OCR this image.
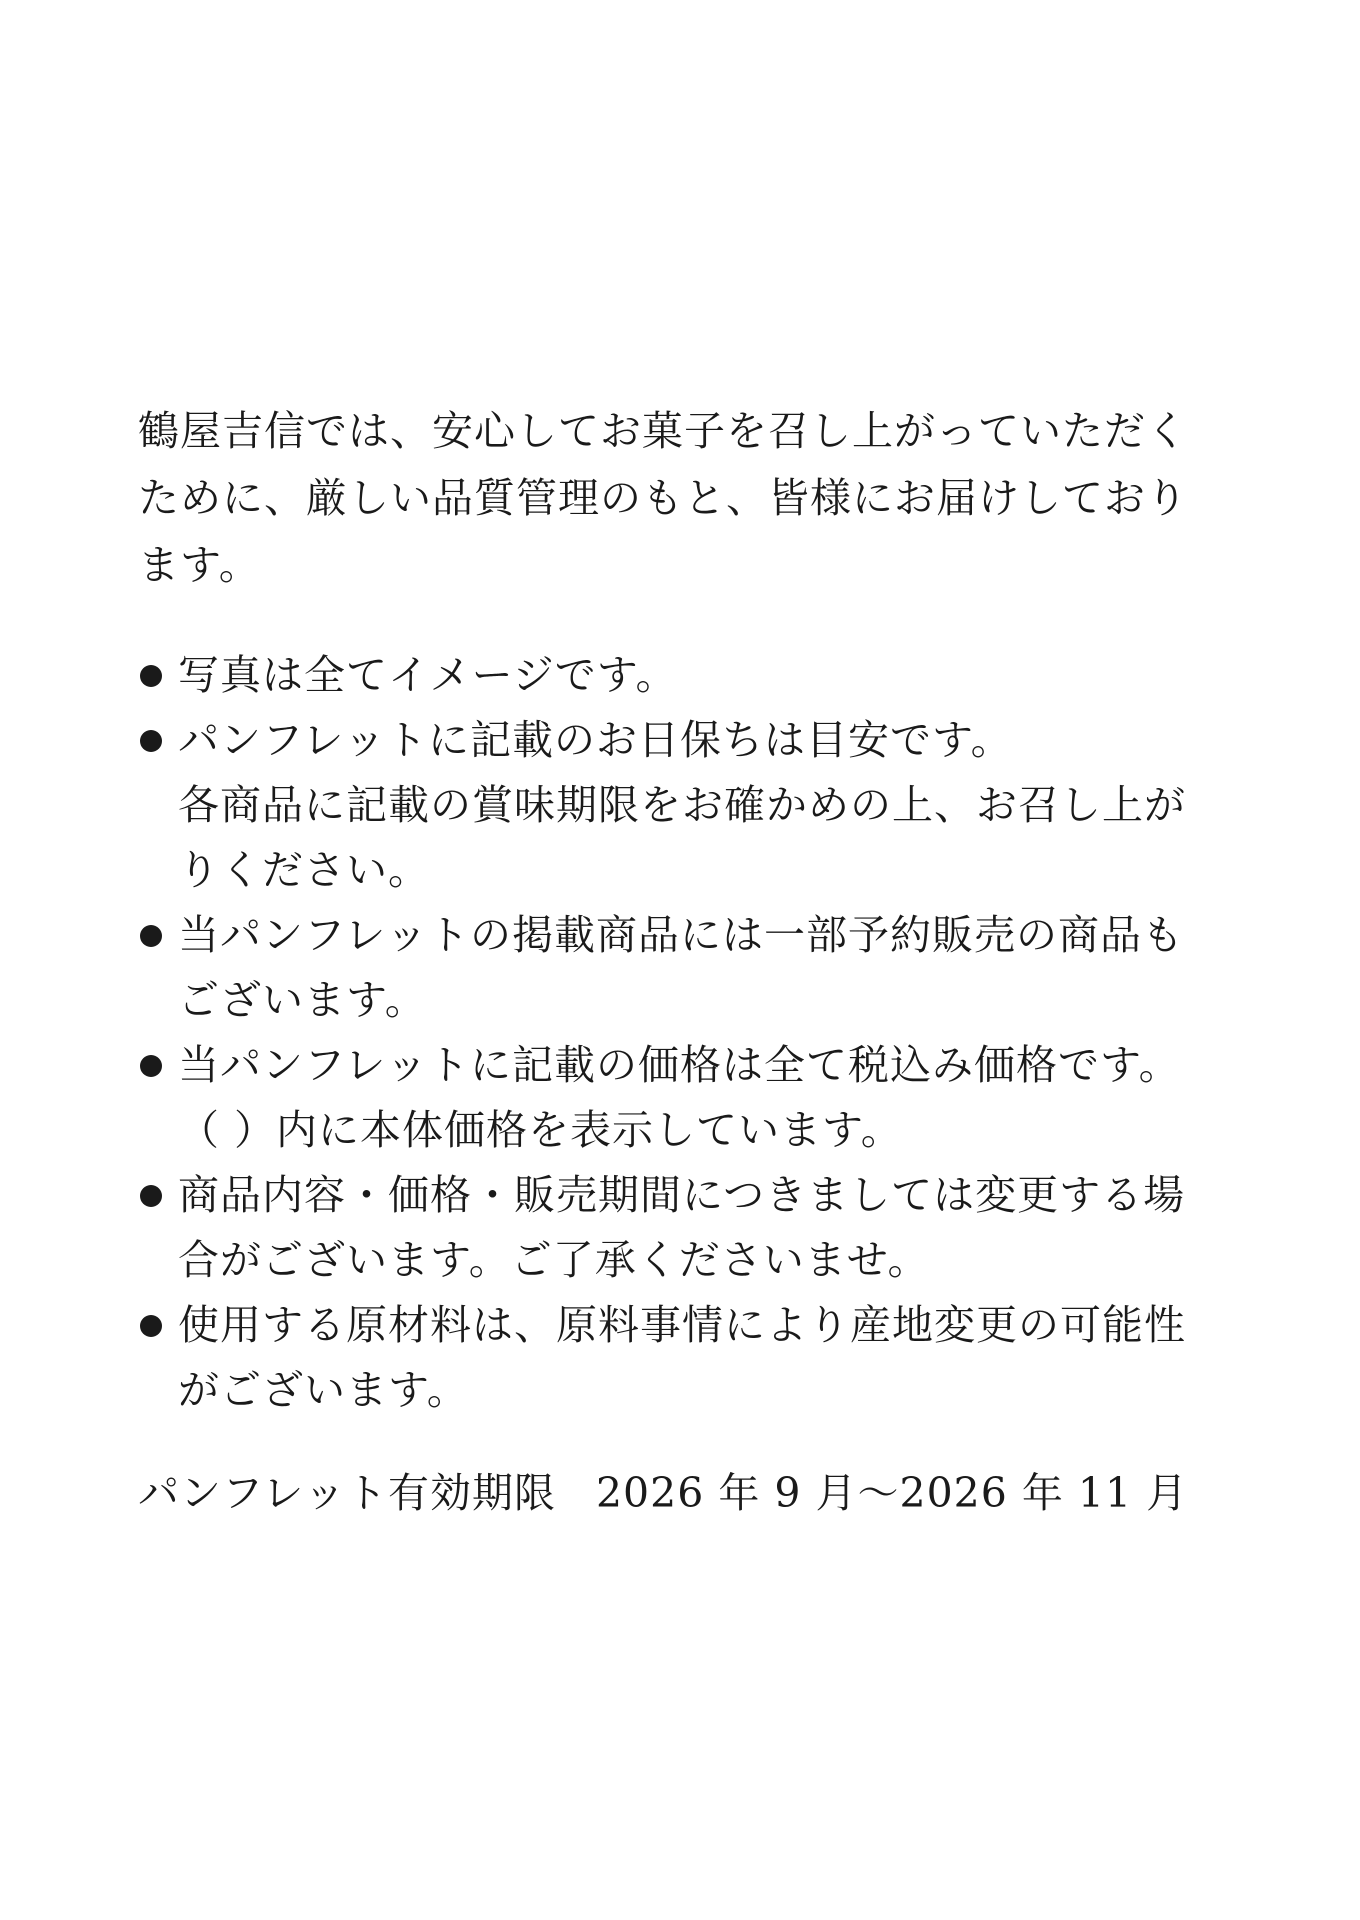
鶴屋吉信では、安心してお菓子を召し上がっていただく
ために、厳しい品質管理のもと、皆様にお届けしており
ます。

写真は全てイメージです。
パンフレットに記載のお日保ちは目安です。
各商品に記載の賞味期限をお確かめの上、お召し上が
りください。
当パンフレットの掲載商品には一部予約販売の商品も
ございます。
当パンフレットに記載の価格は全て税込み価格です。
（ ）内に本体価格を表示しています。
商品内容・価格・販売期間につきましては変更する場
合がございます。ご了承くださいませ。
使用する原材料は、原料事情により産地変更の可能性
がございます。

パンフレット有効期限 2026 年 9 月～2026 年 11 月
